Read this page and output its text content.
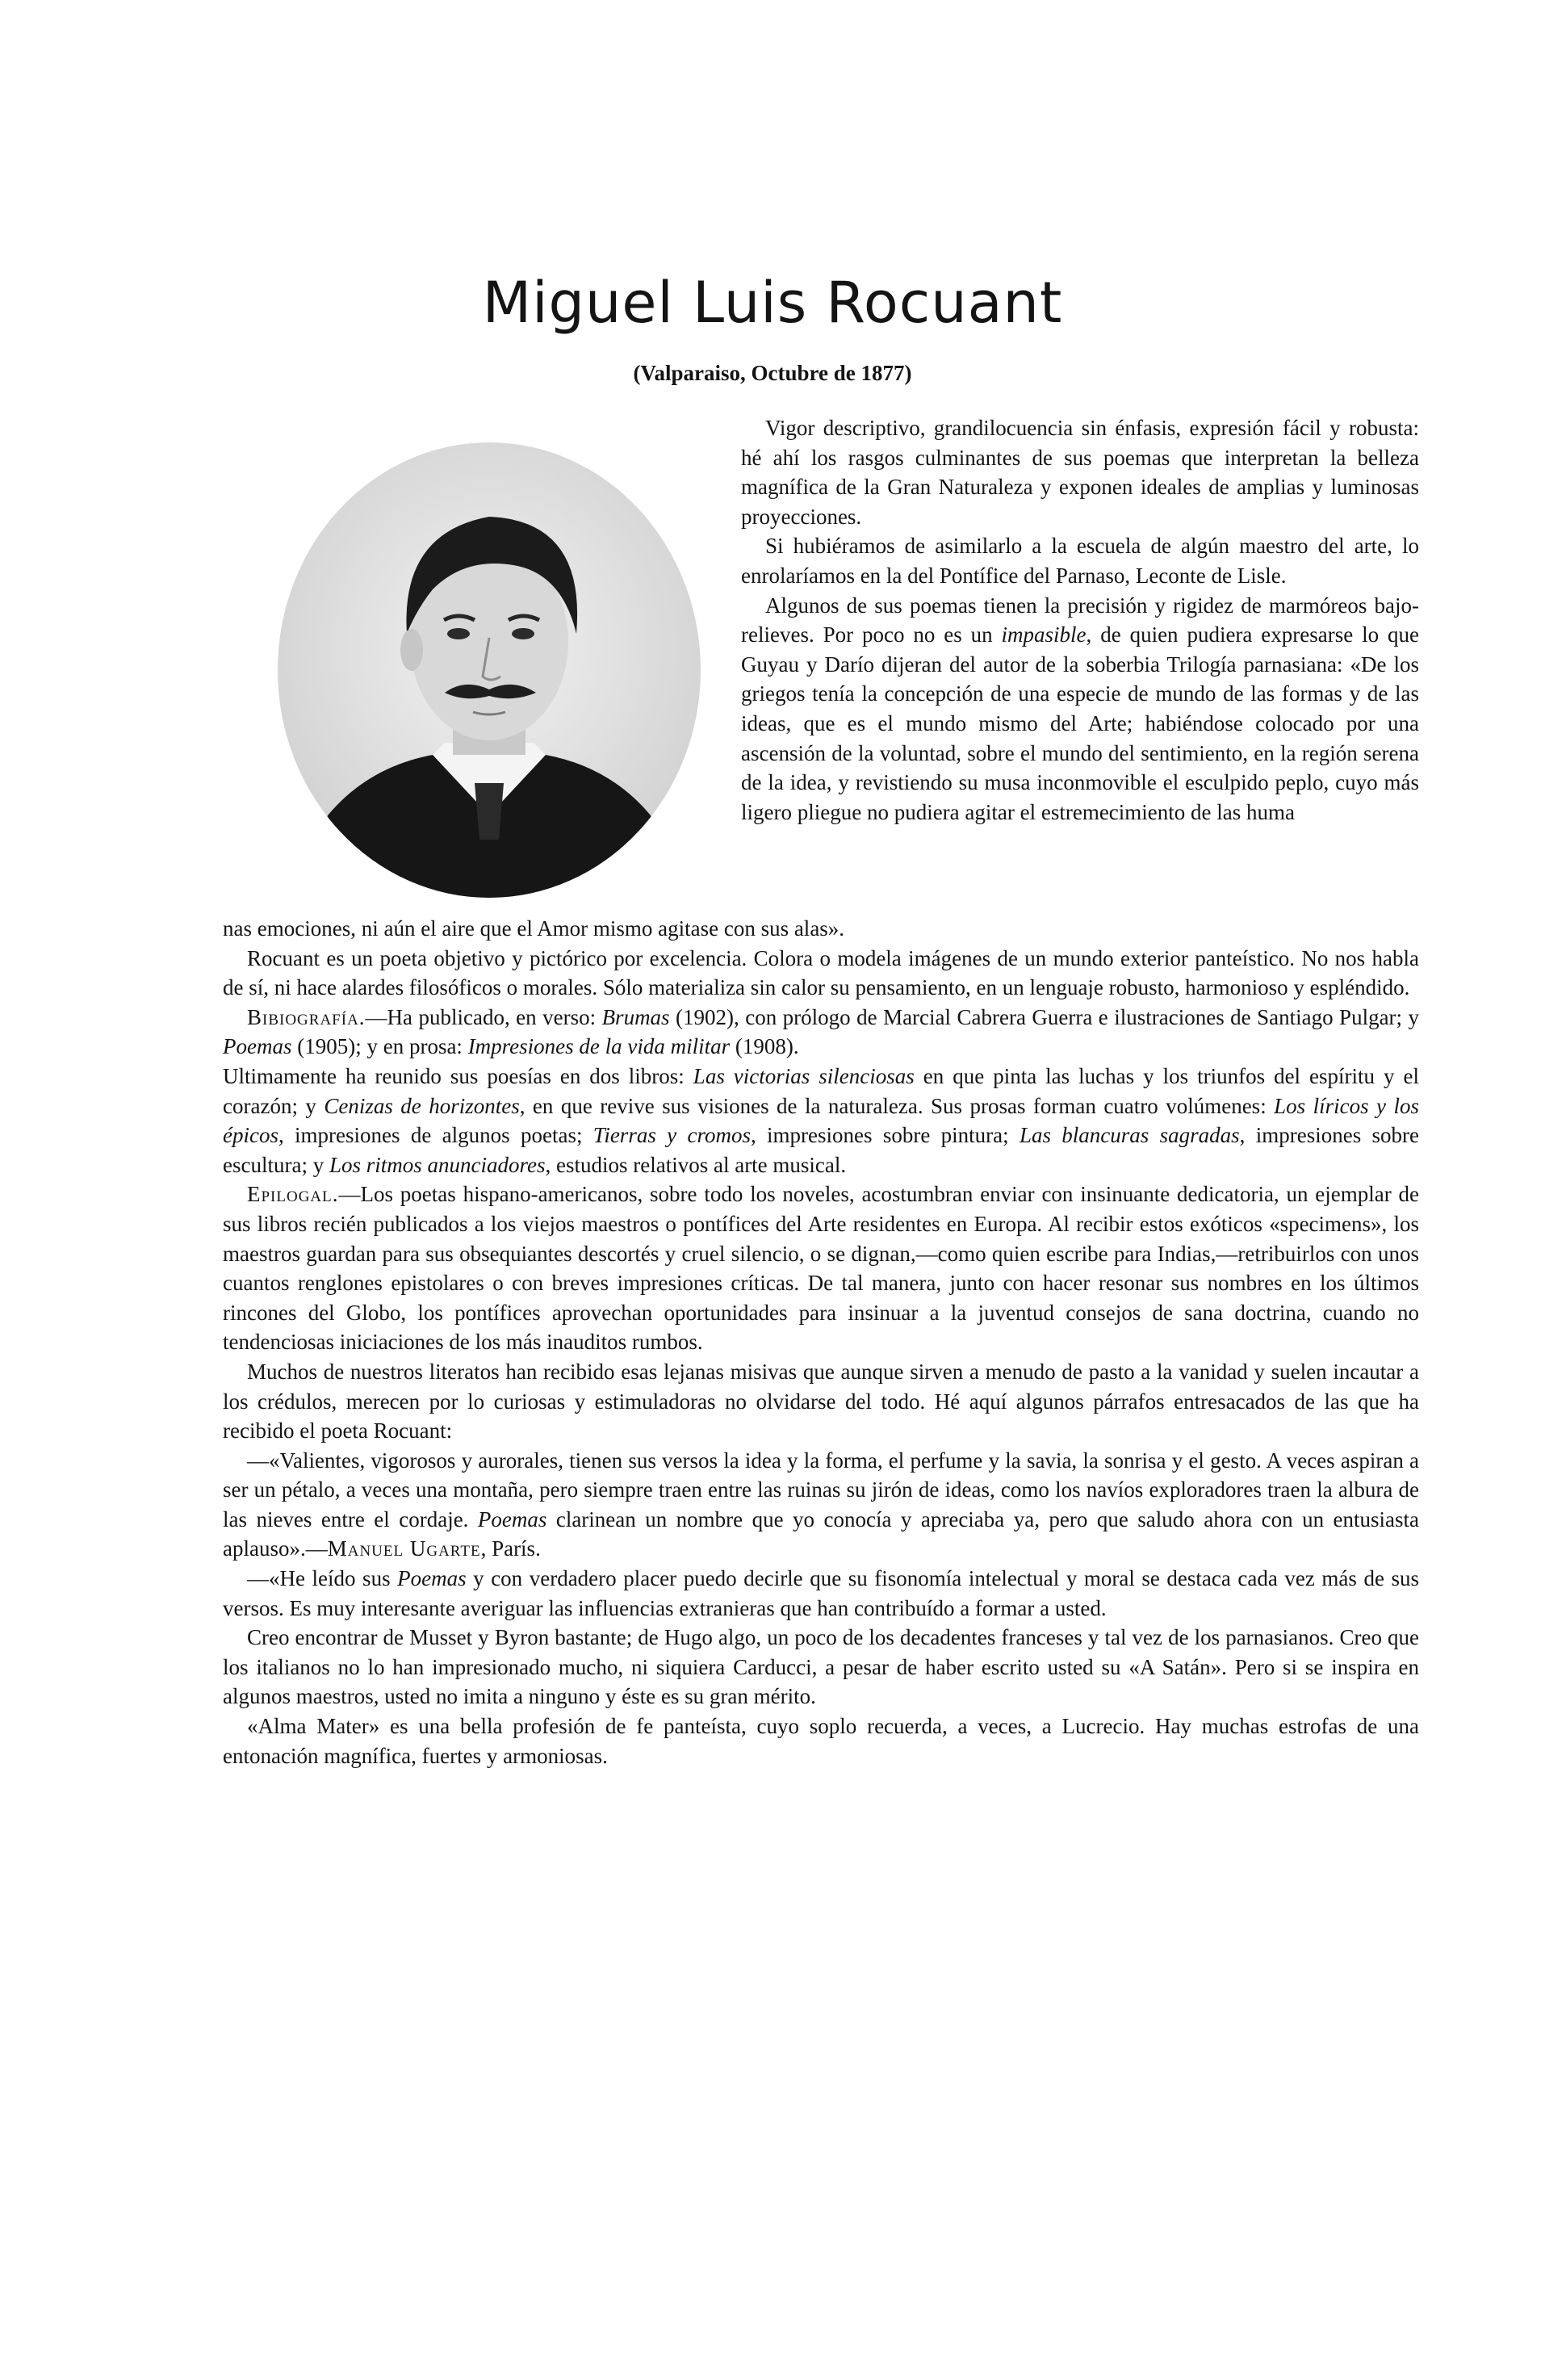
Miguel Luis Rocuant
(Valparaiso, Octubre de 1877)

Vigor descriptivo, grandilocuencia sin énfasis, expresión fácil y robusta: hé ahí los rasgos culminantes de sus poemas que interpretan la belleza magnífica de la Gran Naturaleza y exponen ideales de amplias y luminosas proyecciones.

Si hubiéramos de asimilarlo a la escuela de algún maestro del arte, lo enrolaríamos en la del Pontífice del Parnaso, Leconte de Lisle.

Algunos de sus poemas tienen la precisión y rigidez de marmóreos bajo-relieves. Por poco no es un impasible, de quien pudiera expresarse lo que Guyau y Darío dijeran del autor de la soberbia Trilogía parnasiana: «De los griegos tenía la concepción de una especie de mundo de las formas y de las ideas, que es el mundo mismo del Arte; habiéndose colocado por una ascensión de la voluntad, sobre el mundo del sentimiento, en la región serena de la idea, y revistiendo su musa inconmovible el esculpido peplo, cuyo más ligero pliegue no pudiera agitar el estremecimiento de las huma

nas emociones, ni aún el aire que el Amor mismo agitase con sus alas».

Rocuant es un poeta objetivo y pictórico por excelencia. Colora o modela imágenes de un mundo exterior panteístico. No nos habla de sí, ni hace alardes filosóficos o morales. Sólo materializa sin calor su pensamiento, en un lenguaje robusto, harmonioso y espléndido.

Bibiografía.—Ha publicado, en verso: Brumas (1902), con prólogo de Marcial Cabrera Guerra e ilustraciones de Santiago Pulgar; y Poemas (1905); y en prosa: Impresiones de la vida militar (1908).

Ultimamente ha reunido sus poesías en dos libros: Las victorias silenciosas en que pinta las luchas y los triunfos del espíritu y el corazón; y Cenizas de horizontes, en que revive sus visiones de la naturaleza. Sus prosas forman cuatro volúmenes: Los líricos y los épicos, impresiones de algunos poetas; Tierras y cromos, impresiones sobre pintura; Las blancuras sagradas, impresiones sobre escultura; y Los ritmos anunciadores, estudios relativos al arte musical.

Epilogal.—Los poetas hispano-americanos, sobre todo los noveles, acostumbran enviar con insinuante dedicatoria, un ejemplar de sus libros recién publicados a los viejos maestros o pontífices del Arte residentes en Europa. Al recibir estos exóticos «specimens», los maestros guardan para sus obsequiantes descortés y cruel silencio, o se dignan,—como quien escribe para Indias,—retribuirlos con unos cuantos renglones epistolares o con breves impresiones críticas. De tal manera, junto con hacer resonar sus nombres en los últimos rincones del Globo, los pontífices aprovechan oportunidades para insinuar a la juventud consejos de sana doctrina, cuando no tendenciosas iniciaciones de los más inauditos rumbos.

Muchos de nuestros literatos han recibido esas lejanas misivas que aunque sirven a menudo de pasto a la vanidad y suelen incautar a los crédulos, merecen por lo curiosas y estimuladoras no olvidarse del todo. Hé aquí algunos párrafos entresacados de las que ha recibido el poeta Rocuant:

—«Valientes, vigorosos y aurorales, tienen sus versos la idea y la forma, el perfume y la savia, la sonrisa y el gesto. A veces aspiran a ser un pétalo, a veces una montaña, pero siempre traen entre las ruinas su jirón de ideas, como los navíos exploradores traen la albura de las nieves entre el cordaje. Poemas clarinean un nombre que yo conocía y apreciaba ya, pero que saludo ahora con un entusiasta aplauso».—Manuel Ugarte, París.

—«He leído sus Poemas y con verdadero placer puedo decirle que su fisonomía intelectual y moral se destaca cada vez más de sus versos. Es muy interesante averiguar las influencias extranieras que han contribuído a formar a usted.

Creo encontrar de Musset y Byron bastante; de Hugo algo, un poco de los decadentes franceses y tal vez de los parnasianos. Creo que los italianos no lo han impresionado mucho, ni siquiera Carducci, a pesar de haber escrito usted su «A Satán». Pero si se inspira en algunos maestros, usted no imita a ninguno y éste es su gran mérito.

«Alma Mater» es una bella profesión de fe panteísta, cuyo soplo recuerda, a veces, a Lucrecio. Hay muchas estrofas de una entonación magnífica, fuertes y armoniosas.
